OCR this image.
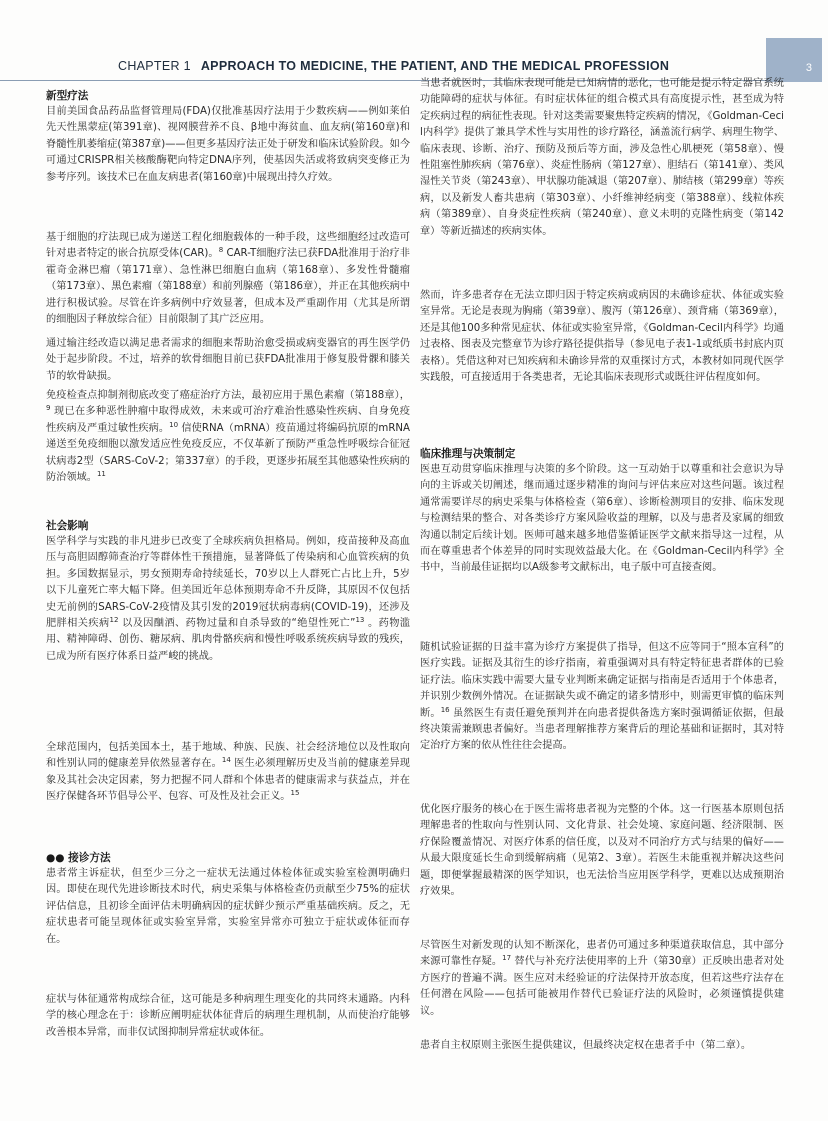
CHAPTER 1 APPROACH TO MEDICINE, THE PATIENT, AND THE MEDICAL PROFESSION	3

新型疗法

目前美国食品药品监督管理局(FDA)仅批准基因疗法用于少数疾病——例如莱伯先天性黑蒙症(第391章)、视网膜营养不良、β地中海贫血、血友病(第160章)和脊髓性肌萎缩症(第387章)——但更多基因疗法正处于研发和临床试验阶段。如今可通过CRISPR相关核酸酶靶向特定DNA序列，使基因失活或将致病突变修正为参考序列。该技术已在血友病患者(第160章)中展现出持久疗效。

基于细胞的疗法现已成为递送工程化细胞载体的一种手段，这些细胞经过改造可针对患者特定的嵌合抗原受体(CAR)。$^8$ CAR-T细胞疗法已获FDA批准用于治疗非霍奇金淋巴瘤（第171章）、急性淋巴细胞白血病（第168章）、多发性骨髓瘤（第173章）、黑色素瘤（第188章）和前列腺癌（第186章），并正在其他疾病中进行积极试验。尽管在许多病例中疗效显著，但成本及严重副作用（尤其是所谓的细胞因子释放综合征）目前限制了其广泛应用。

通过输注经改造以满足患者需求的细胞来帮助治愈受损或病变器官的再生医学仍处于起步阶段。不过，培养的软骨细胞目前已获FDA批准用于修复股骨髁和膝关节的软骨缺损。

免疫检查点抑制剂彻底改变了癌症治疗方法，最初应用于黑色素瘤（第188章），$^9$ 现已在多种恶性肿瘤中取得成效，未来或可治疗难治性感染性疾病、自身免疫性疾病及严重过敏性疾病。$^{10}$ 信使RNA（mRNA）疫苗通过将编码抗原的mRNA递送至免疫细胞以激发适应性免疫反应，不仅革新了预防严重急性呼吸综合征冠状病毒2型（SARS-CoV-2；第337章）的手段，更逐步拓展至其他感染性疾病的防治领域。$^{11}$

社会影响

医学科学与实践的非凡进步已改变了全球疾病负担格局。例如，疫苗接种及高血压与高胆固醇筛查治疗等群体性干预措施，显著降低了传染病和心血管疾病的负担。多国数据显示，男女预期寿命持续延长，70岁以上人群死亡占比上升，5岁以下儿童死亡率大幅下降。但美国近年总体预期寿命不升反降，其原因不仅包括史无前例的SARS-CoV-2疫情及其引发的2019冠状病毒病(COVID-19)，还涉及肥胖相关疾病$^{12}$ 以及因酗酒、药物过量和自杀导致的“绝望性死亡”$^{13}$ 。药物滥用、精神障碍、创伤、糖尿病、肌肉骨骼疾病和慢性呼吸系统疾病导致的残疾，已成为所有医疗体系日益严峻的挑战。

全球范围内，包括美国本土，基于地域、种族、民族、社会经济地位以及性取向和性别认同的健康差异依然显著存在。$^{14}$ 医生必须理解历史及当前的健康差异现象及其社会决定因素，努力把握不同人群和个体患者的健康需求与获益点，并在医疗保健各环节倡导公平、包容、可及性及社会正义。$^{15}$

●● 接诊方法

患者常主诉症状，但至少三分之一症状无法通过体检体征或实验室检测明确归因。即使在现代先进诊断技术时代，病史采集与体格检查仍贡献至少75%的症状评估信息，且初诊全面评估未明确病因的症状鲜少预示严重基础疾病。反之，无症状患者可能呈现体征或实验室异常，实验室异常亦可独立于症状或体征而存在。

症状与体征通常构成综合征，这可能是多种病理生理变化的共同终末通路。内科学的核心理念在于：诊断应阐明症状体征背后的病理生理机制，从而使治疗能够改善根本异常，而非仅试图抑制异常症状或体征。

当患者就医时，其临床表现可能是已知病情的恶化，也可能是提示特定器官系统功能障碍的症状与体征。有时症状体征的组合模式具有高度提示性，甚至成为特定疾病过程的病征性表现。针对这类需要聚焦特定疾病的情况，《Goldman-Cecil内科学》提供了兼具学术性与实用性的诊疗路径，涵盖流行病学、病理生物学、临床表现、诊断、治疗、预防及预后等方面，涉及急性心肌梗死（第58章）、慢性阻塞性肺疾病（第76章）、炎症性肠病（第127章）、胆结石（第141章）、类风湿性关节炎（第243章）、甲状腺功能减退（第207章）、肺结核（第299章）等疾病，以及新发人畜共患病（第303章）、小纤维神经病变（第388章）、线粒体疾病（第389章）、自身炎症性疾病（第240章）、意义未明的克隆性病变（第142章）等新近描述的疾病实体。

然而，许多患者存在无法立即归因于特定疾病或病因的未确诊症状、体征或实验室异常。无论是表现为胸痛（第39章）、腹泻（第126章）、颈背痛（第369章），还是其他100多种常见症状、体征或实验室异常，《Goldman-Cecil内科学》均通过表格、图表及完整章节为诊疗路径提供指导（参见电子表1-1或纸质书封底内页表格）。凭借这种对已知疾病和未确诊异常的双重探讨方式，本教材如同现代医学实践般，可直接适用于各类患者，无论其临床表现形式或既往评估程度如何。

临床推理与决策制定

医患互动贯穿临床推理与决策的多个阶段。这一互动始于以尊重和社会意识为导向的主诉或关切阐述，继而通过逐步精准的询问与评估来应对这些问题。该过程通常需要详尽的病史采集与体格检查（第6章）、诊断检测项目的安排、临床发现与检测结果的整合、对各类诊疗方案风险收益的理解，以及与患者及家属的细致沟通以制定后续计划。医师可越来越多地借鉴循证医学文献来指导这一过程，从而在尊重患者个体差异的同时实现效益最大化。在《Goldman-Cecil内科学》全书中，当前最佳证据均以A级参考文献标出，电子版中可直接查阅。

随机试验证据的日益丰富为诊疗方案提供了指导，但这不应等同于“照本宣科”的医疗实践。证据及其衍生的诊疗指南，着重强调对具有特定特征患者群体的已验证疗法。临床实践中需要大量专业判断来确定证据与指南是否适用于个体患者，并识别少数例外情况。在证据缺失或不确定的诸多情形中，则需更审慎的临床判断。$^{16}$ 虽然医生有责任避免预判并在向患者提供备选方案时强调循证依据，但最终决策需兼顾患者偏好。当患者理解推荐方案背后的理论基础和证据时，其对特定治疗方案的依从性往往会提高。

优化医疗服务的核心在于医生需将患者视为完整的个体。这一行医基本原则包括理解患者的性取向与性别认同、文化背景、社会处境、家庭问题、经济限制、医疗保险覆盖情况、对医疗体系的信任度，以及对不同治疗方式与结果的偏好——从最大限度延长生命到缓解病痛（见第2、3章）。若医生未能重视并解决这些问题，即便掌握最精深的医学知识，也无法恰当应用医学科学，更难以达成预期治疗效果。

尽管医生对新发现的认知不断深化，患者仍可通过多种渠道获取信息，其中部分来源可靠性存疑。$^{17}$ 替代与补充疗法使用率的上升（第30章）正反映出患者对处方医疗的普遍不满。医生应对未经验证的疗法保持开放态度，但若这些疗法存在任何潜在风险——包括可能被用作替代已验证疗法的风险时，必须谨慎提供建议。

患者自主权原则主张医生提供建议，但最终决定权在患者手中（第二章）。
